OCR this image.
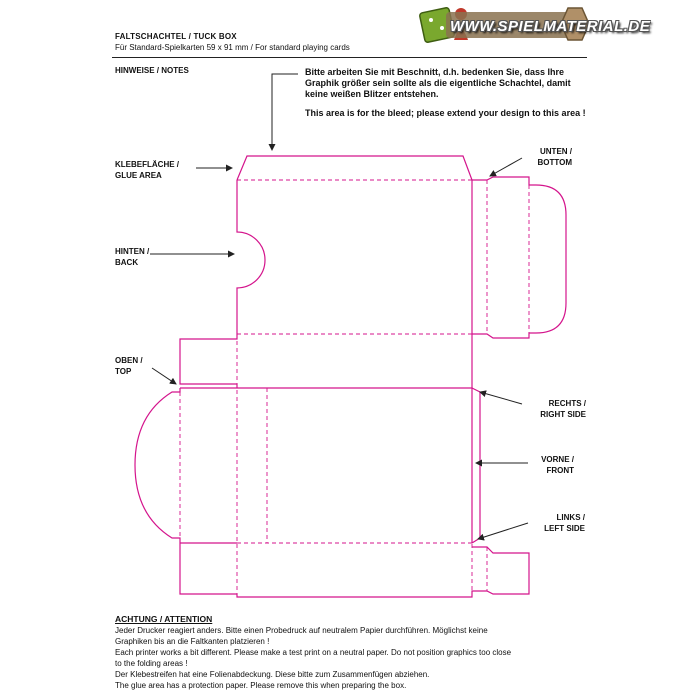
FALTSCHACHTEL / TUCK BOX
Für Standard-Spielkarten 59 x 91 mm / For standard playing cards
WWW.SPIELMATERIAL.DE
HINWEISE / NOTES	Bitte arbeiten Sie mit Beschnitt, d.h. bedenken Sie, dass Ihre Graphik größer sein sollte als die eigentliche Schachtel, damit keine weißen Blitzer entstehen.

This area is for the bleed; please extend your design to this area !

KLEBEFLÄCHE /
GLUE AREA
HINTEN /
BACK
OBEN /
TOP
UNTEN /
BOTTOM
RECHTS /
RIGHT SIDE
VORNE /
FRONT
LINKS /
LEFT SIDE
ACHTUNG / ATTENTION
Jeder Drucker reagiert anders. Bitte einen Probedruck auf neutralem Papier durchführen. Möglichst keine
Graphiken bis an die Faltkanten platzieren !
Each printer works a bit different. Please make a test print on a neutral paper. Do not position graphics too close
to the folding areas !
Der Klebestreifen hat eine Folienabdeckung. Diese bitte zum Zusammenfügen abziehen.
The glue area has a protection paper. Please remove this when preparing the box.
